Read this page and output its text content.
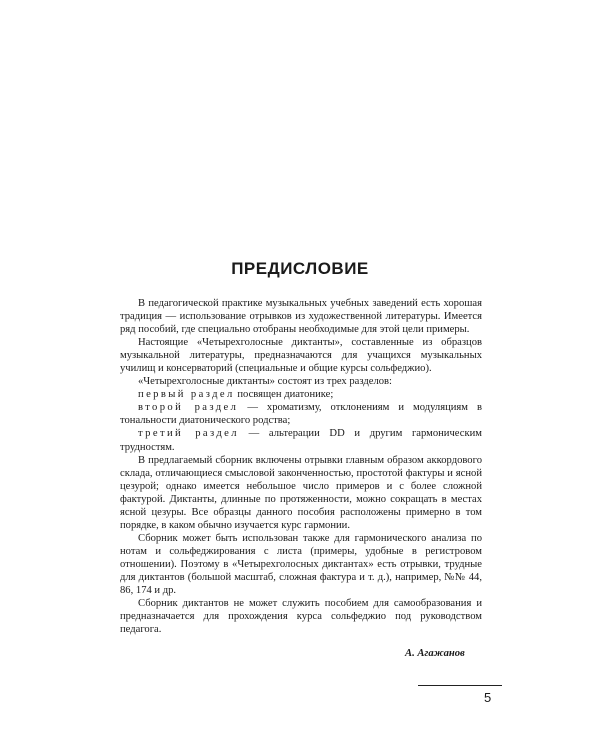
ПРЕДИСЛОВИЕ

В педагогической практике музыкальных учебных заведений есть хорошая традиция — использование отрывков из художественной литературы. Имеется ряд пособий, где специально отобраны необходимые для этой цели примеры.

Настоящие «Четырехголосные диктанты», составленные из образцов музыкальной литературы, предназначаются для учащихся музыкальных училищ и консерваторий (специальные и общие курсы сольфеджио).

«Четырехголосные диктанты» состоят из трех разделов:

первый раздел посвящен диатонике;

второй раздел — хроматизму, отклонениям и модуляциям в тональности диатонического родства;

третий раздел — альтерации DD и другим гармоническим трудностям.

В предлагаемый сборник включены отрывки главным образом аккордового склада, отличающиеся смысловой законченностью, простотой фактуры и ясной цезурой; однако имеется небольшое число примеров и с более сложной фактурой. Диктанты, длинные по протяженности, можно сокращать в местах ясной цезуры. Все образцы данного пособия расположены примерно в том порядке, в каком обычно изучается курс гармонии.

Сборник может быть использован также для гармонического анализа по нотам и сольфеджирования с листа (примеры, удобные в регистровом отношении). Поэтому в «Четырехголосных диктантах» есть отрывки, трудные для диктантов (большой масштаб, сложная фактура и т. д.), например, №№ 44, 86, 174 и др.

Сборник диктантов не может служить пособием для самообразования и предназначается для прохождения курса сольфеджио под руководством педагога.

А. Агажанов
5
